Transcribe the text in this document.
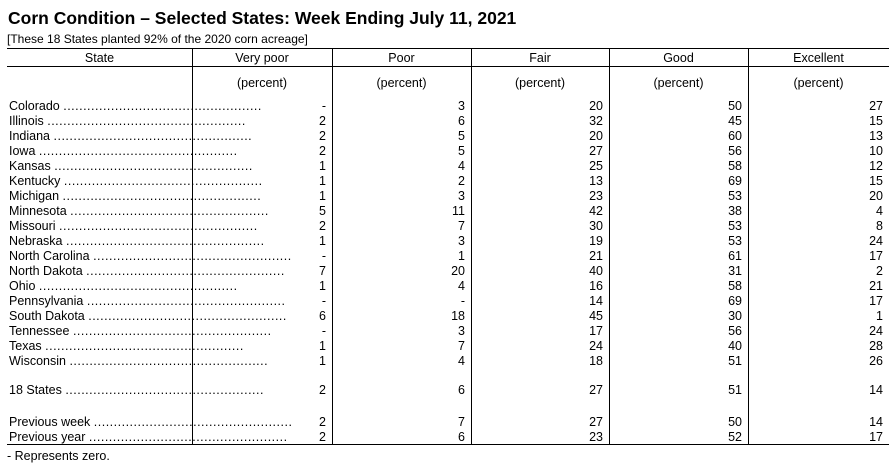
Corn Condition – Selected States: Week Ending July 11, 2021
[These 18 States planted 92% of the 2020 corn acreage]
State	Very poor	Poor	Fair	Good	Excellent
(percent)	(percent)	(percent)	(percent)	(percent)
Colorado ..................................................	-	3	20	50	27
Illinois ..................................................	2	6	32	45	15
Indiana ..................................................	2	5	20	60	13
Iowa ..................................................	2	5	27	56	10
Kansas ..................................................	1	4	25	58	12
Kentucky ..................................................	1	2	13	69	15
Michigan ..................................................	1	3	23	53	20
Minnesota ..................................................	5	11	42	38	4
Missouri ..................................................	2	7	30	53	8
Nebraska ..................................................	1	3	19	53	24
North Carolina .................................................. -	1	21	61	17
North Dakota ..................................................	7	20	40	31	2
Ohio ..................................................	1	4	16	58	21
Pennsylvania ..................................................	-	-	14	69	17
South Dakota ..................................................	6	18	45	30	1
Tennessee ..................................................	-	3	17	56	24
Texas ..................................................	1	7	24	40	28
Wisconsin ..................................................	1	4	18	51	26
18 States ..................................................	2	6	27	51	14
Previous week .................................................. 2	7	27	50	14
Previous year ..................................................	2	6	23	52	17
- Represents zero.
